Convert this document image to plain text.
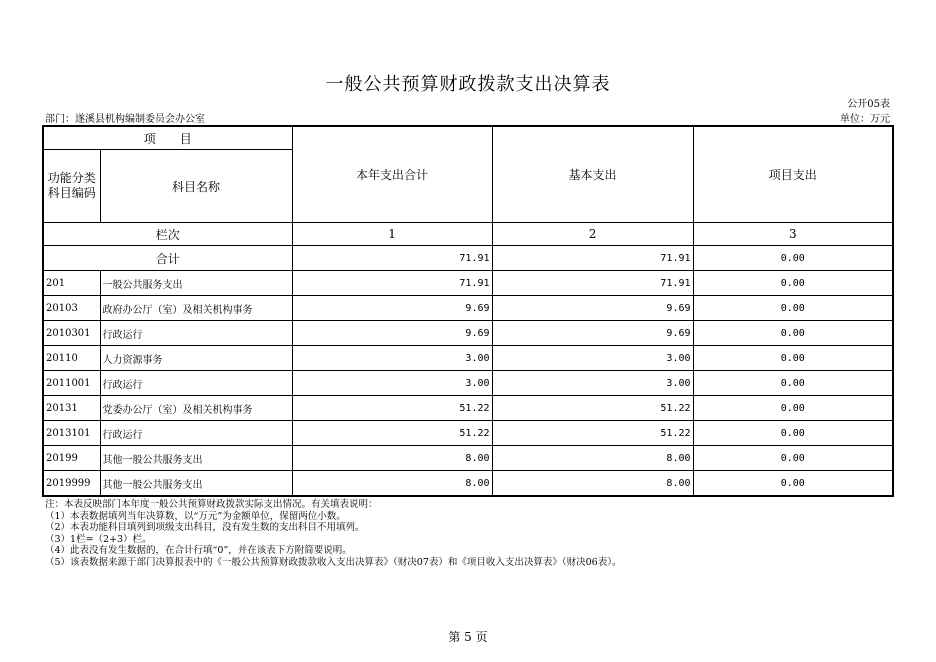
一般公共预算财政拨款支出决算表
公开05表
部门：遂溪县机构编制委员会办公室	单位：万元
项　　目		本年支出合计	基本支出	项目支出
功能分类科目编码	科目名称			
栏次		1	2	3
合计		71.91	71.91	0.00
201	一般公共服务支出	71.91	71.91	0.00
20103	政府办公厅（室）及相关机构事务	9.69	9.69	0.00
2010301	行政运行	9.69	9.69	0.00
20110	人力资源事务	3.00	3.00	0.00
2011001	行政运行	3.00	3.00	0.00
20131	党委办公厅（室）及相关机构事务	51.22	51.22	0.00
2013101	行政运行	51.22	51.22	0.00
20199	其他一般公共服务支出	8.00	8.00	0.00
2019999	其他一般公共服务支出	8.00	8.00	0.00
注：本表反映部门本年度一般公共预算财政拨款实际支出情况。有关填表说明：
（1）本表数据填列当年决算数，以“万元”为金额单位，保留两位小数。
（2）本表功能科目填列到项级支出科目，没有发生数的支出科目不用填列。
（3）1栏=（2+3）栏。
（4）此表没有发生数据的，在合计行填“0”，并在该表下方附简要说明。
（5）该表数据来源于部门决算报表中的《一般公共预算财政拨款收入支出决算表》（财决07表）和《项目收入支出决算表》（财决06表）。
第 5 页
